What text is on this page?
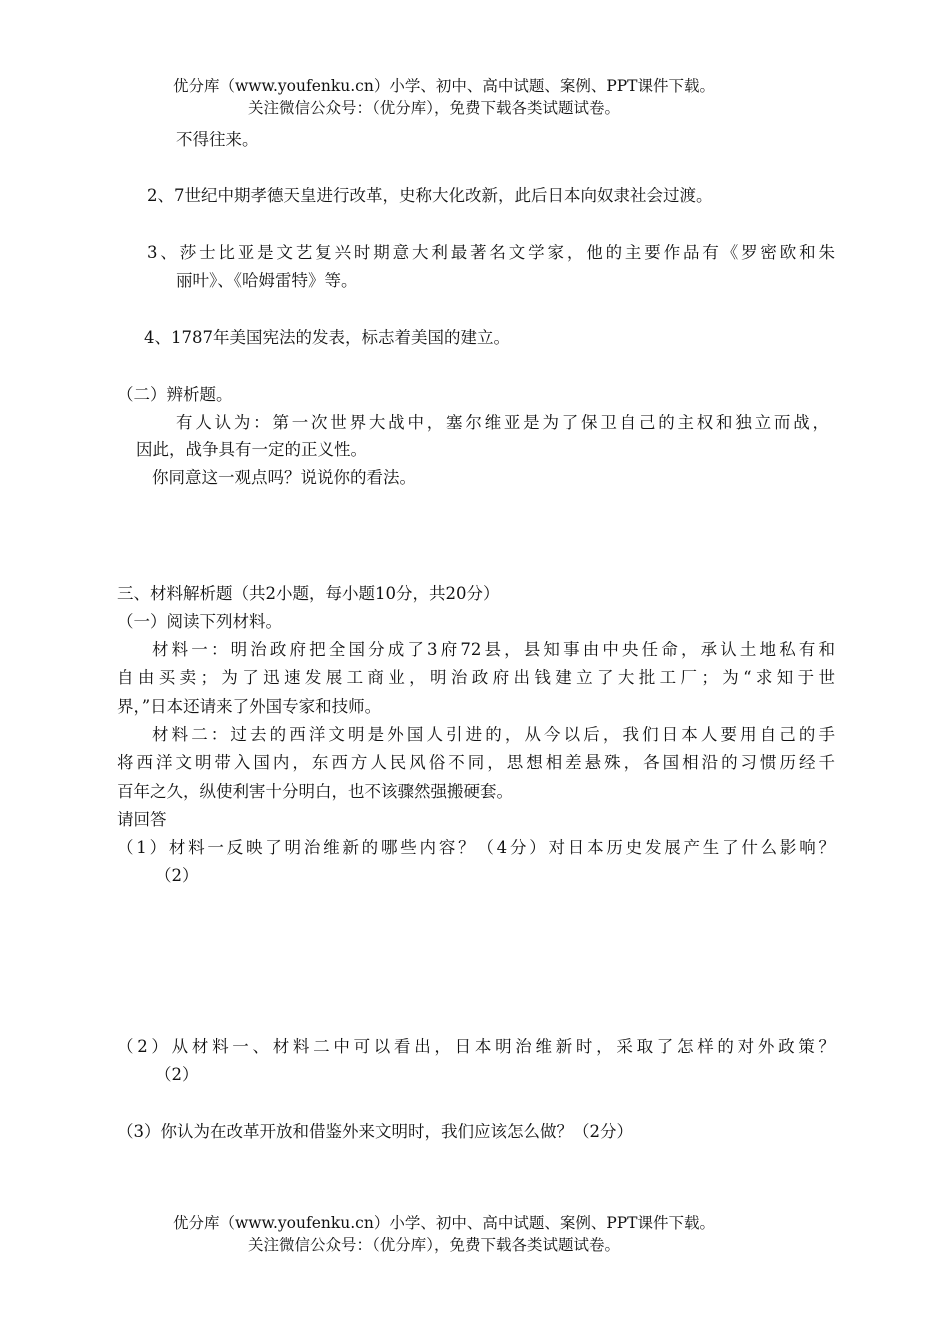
优分库（www.youfenku.cn）小学、初中、高中试题、案例、PPT课件下载。
关注微信公众号：（优分库），免费下载各类试题试卷。
不得往来。
2、7世纪中期孝德天皇进行改革，史称大化改新，此后日本向奴隶社会过渡。
3、莎士比亚是文艺复兴时期意大利最著名文学家，他的主要作品有《罗密欧和朱
丽叶》、《哈姆雷特》等。
4、1787年美国宪法的发表，标志着美国的建立。
（二）辨析题。
有人认为：第一次世界大战中，塞尔维亚是为了保卫自己的主权和独立而战，
因此，战争具有一定的正义性。
你同意这一观点吗？说说你的看法。
三、材料解析题（共2小题，每小题10分，共20分）
（一）阅读下列材料。
材料一：明治政府把全国分成了3府72县，县知事由中央任命，承认土地私有和
自由买卖；为了迅速发展工商业，明治政府出钱建立了大批工厂；为“求知于世
界，”日本还请来了外国专家和技师。
材料二：过去的西洋文明是外国人引进的，从今以后，我们日本人要用自己的手
将西洋文明带入国内，东西方人民风俗不同，思想相差悬殊，各国相沿的习惯历经千
百年之久，纵使利害十分明白，也不该骤然强搬硬套。
请回答
（1）材料一反映了明治维新的哪些内容？（4分）对日本历史发展产生了什么影响？
（2）
（2）从材料一、材料二中可以看出，日本明治维新时，采取了怎样的对外政策？
（2）
（3）你认为在改革开放和借鉴外来文明时，我们应该怎么做？（2分）
优分库（www.youfenku.cn）小学、初中、高中试题、案例、PPT课件下载。
关注微信公众号：（优分库），免费下载各类试题试卷。
